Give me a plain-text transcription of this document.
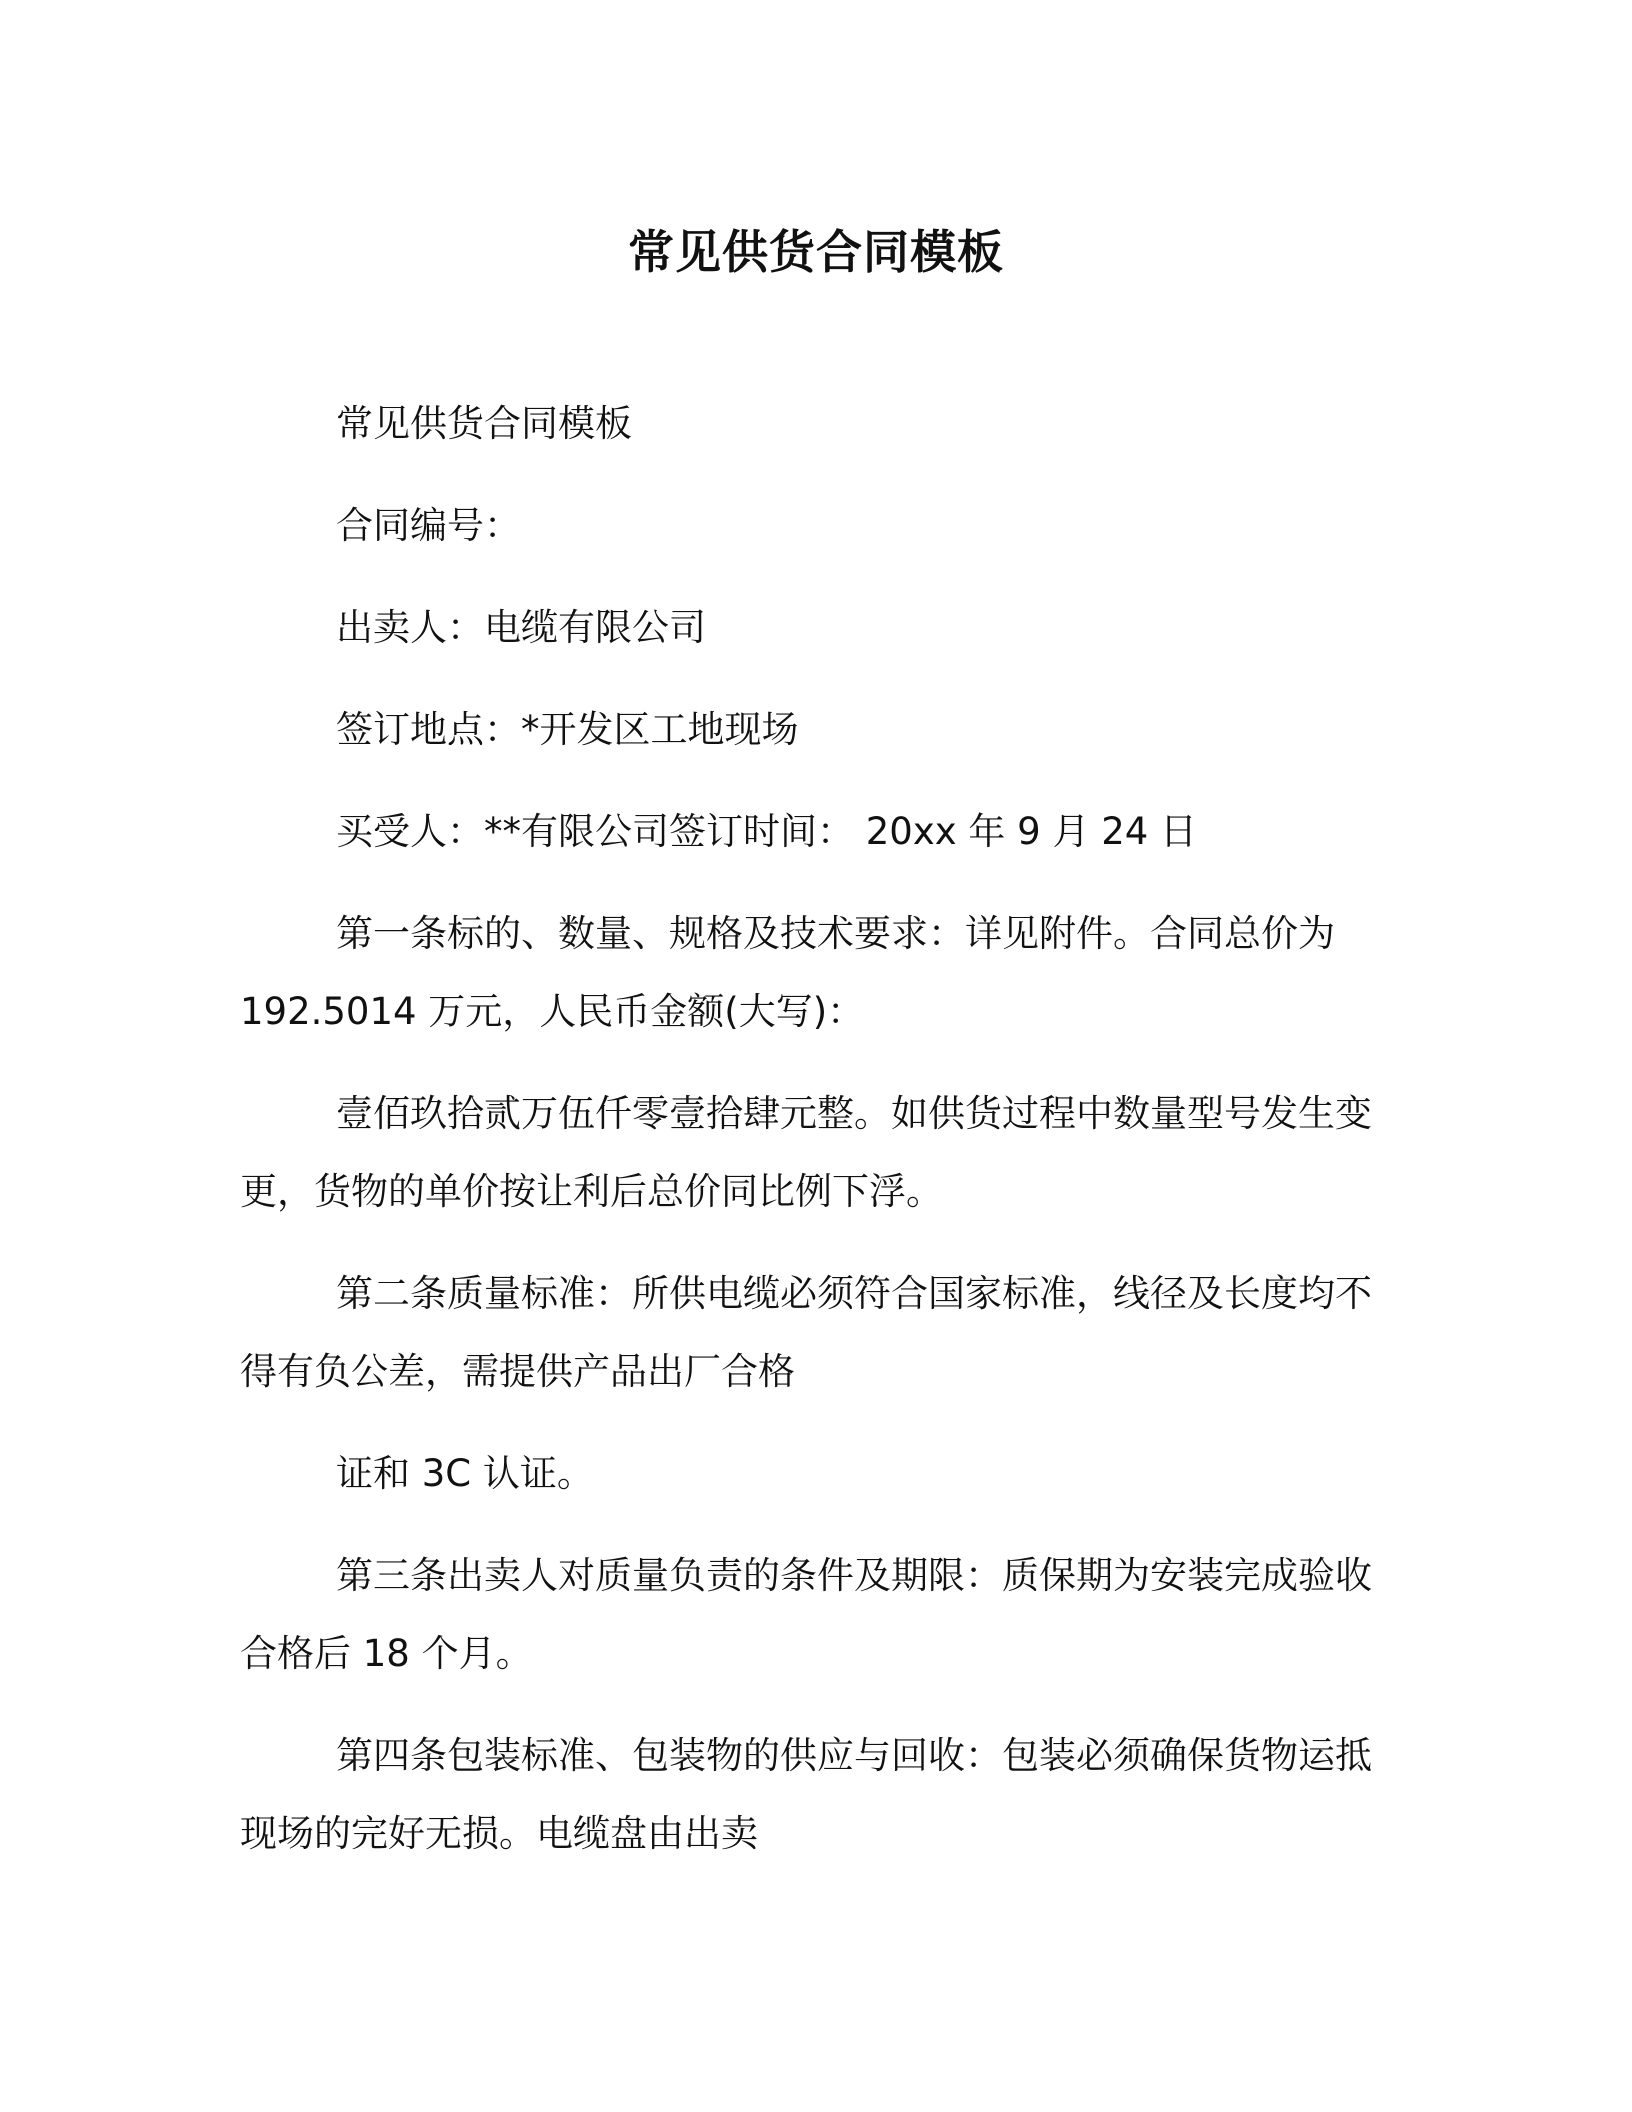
常见供货合同模板

常见供货合同模板

合同编号：

出卖人：电缆有限公司

签订地点：*开发区工地现场

买受人：**有限公司签订时间： 20xx 年 9 月 24 日

第一条标的、数量、规格及技术要求：详见附件。合同总价为 192.5014 万元，人民币金额(大写)：

壹佰玖拾贰万伍仟零壹拾肆元整。如供货过程中数量型号发生变更，货物的单价按让利后总价同比例下浮。

第二条质量标准：所供电缆必须符合国家标准，线径及长度均不得有负公差，需提供产品出厂合格

证和 3C 认证。

第三条出卖人对质量负责的条件及期限：质保期为安装完成验收合格后 18 个月。

第四条包装标准、包装物的供应与回收：包装必须确保货物运抵现场的完好无损。电缆盘由出卖
